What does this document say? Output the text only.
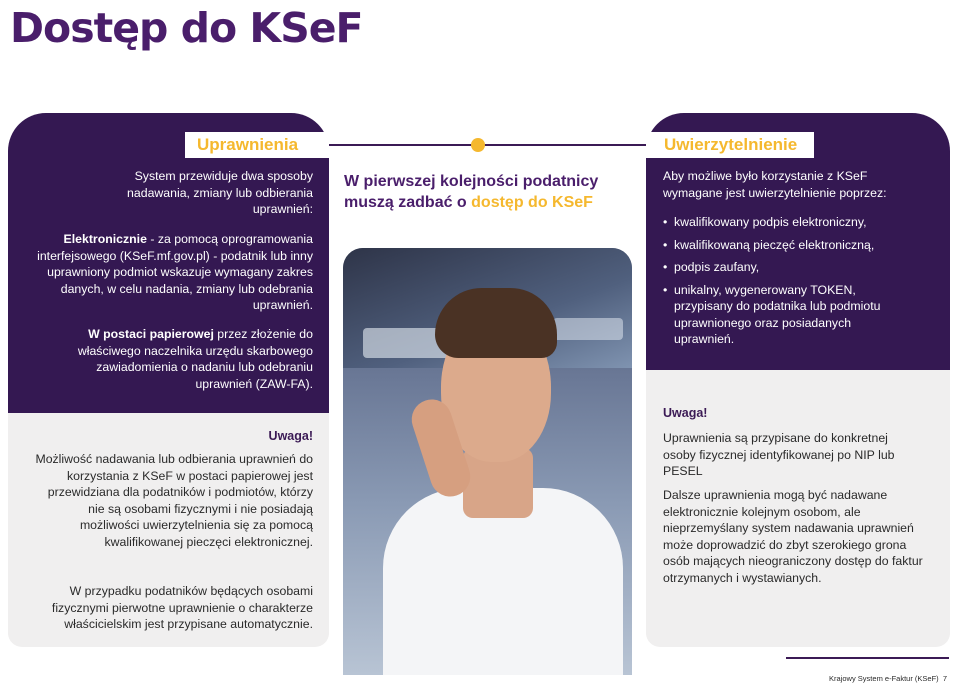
Dostęp do KSeF
Uprawnienia
System przewiduje dwa sposoby nadawania, zmiany lub odbierania uprawnień:
Elektronicznie - za pomocą oprogramowania interfejsowego (KSeF.mf.gov.pl) - podatnik lub inny uprawniony podmiot wskazuje wymagany zakres danych, w celu nadania, zmiany lub odebrania uprawnień.
W postaci papierowej przez złożenie do właściwego naczelnika urzędu skarbowego zawiadomienia o nadaniu lub odebraniu uprawnień (ZAW-FA).
Uwaga!
Możliwość nadawania lub odbierania uprawnień do korzystania z KSeF w postaci papierowej jest przewidziana dla podatników i podmiotów, którzy nie są osobami fizycznymi i nie posiadają możliwości uwierzytelnienia się za pomocą kwalifikowanej pieczęci elektronicznej.
W przypadku podatników będących osobami fizycznymi pierwotne uprawnienie o charakterze właścicielskim jest przypisane automatycznie.
W pierwszej kolejności podatnicy muszą zadbać o dostęp do KSeF
Uwierzytelnienie
Aby możliwe było korzystanie z KSeF wymagane jest uwierzytelnienie poprzez:
• kwalifikowany podpis elektroniczny,
• kwalifikowaną pieczęć elektroniczną,
• podpis zaufany,
• unikalny, wygenerowany TOKEN, przypisany do podatnika lub podmiotu uprawnionego oraz posiadanych uprawnień.
Uwaga!
Uprawnienia są przypisane do konkretnej osoby fizycznej identyfikowanej po NIP lub PESEL
Dalsze uprawnienia mogą być nadawane elektronicznie kolejnym osobom, ale nieprzemyślany system nadawania uprawnień może doprowadzić do zbyt szerokiego grona osób mających nieograniczony dostęp do faktur otrzymanych i wystawianych.
Krajowy System e-Faktur (KSeF) 7
